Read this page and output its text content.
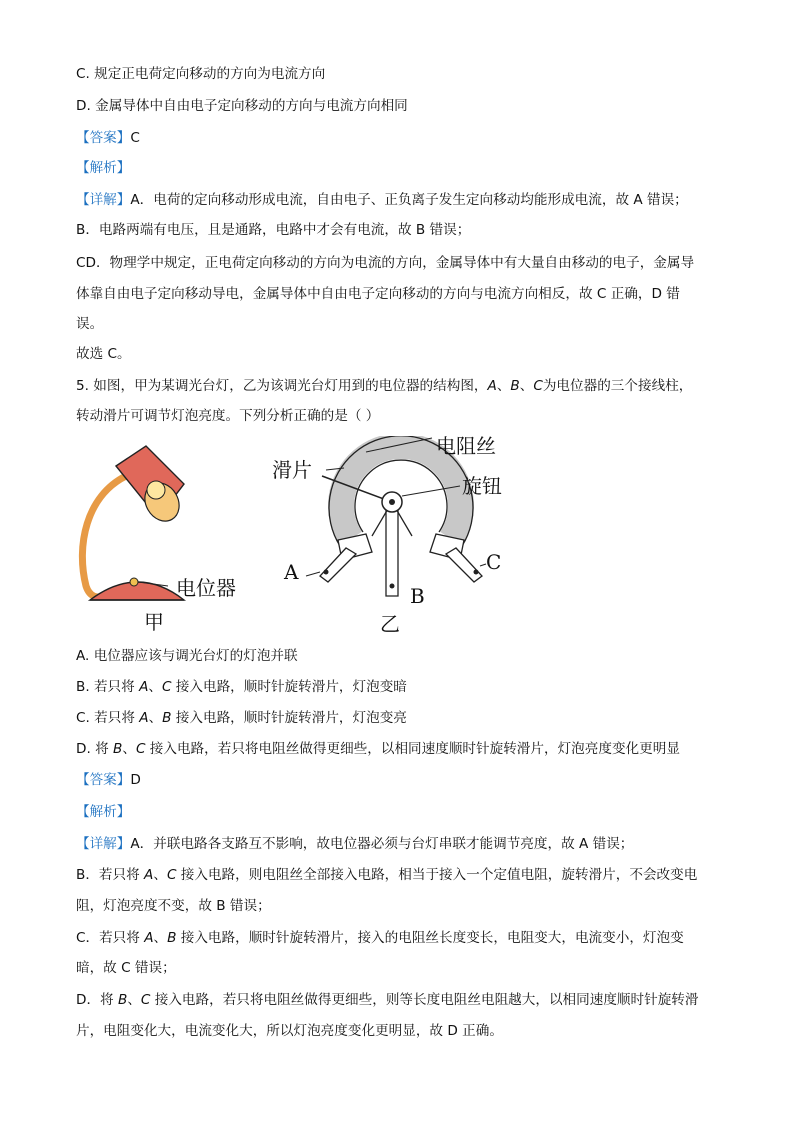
C. 规定正电荷定向移动的方向为电流方向
D. 金属导体中自由电子定向移动的方向与电流方向相同
【答案】C
【解析】
【详解】A．电荷的定向移动形成电流，自由电子、正负离子发生定向移动均能形成电流，故 A 错误；
B．电路两端有电压，且是通路，电路中才会有电流，故 B 错误；
CD．物理学中规定，正电荷定向移动的方向为电流的方向，金属导体中有大量自由移动的电子，金属导
体靠自由电子定向移动导电，金属导体中自由电子定向移动的方向与电流方向相反，故 C 正确，D 错
误。
故选 C。
5. 如图，甲为某调光台灯，乙为该调光台灯用到的电位器的结构图，A、B、C为电位器的三个接线柱，
转动滑片可调节灯泡亮度。下列分析正确的是（ ）
电位器
甲
电阻丝
滑片
旋钮
乙
A
B
C
A. 电位器应该与调光台灯的灯泡并联
B. 若只将 A、C 接入电路，顺时针旋转滑片，灯泡变暗
C. 若只将 A、B 接入电路，顺时针旋转滑片，灯泡变亮
D. 将 B、C 接入电路，若只将电阻丝做得更细些，以相同速度顺时针旋转滑片，灯泡亮度变化更明显
【答案】D
【解析】
【详解】A．并联电路各支路互不影响，故电位器必须与台灯串联才能调节亮度，故 A 错误；
B．若只将 A、C 接入电路，则电阻丝全部接入电路，相当于接入一个定值电阻，旋转滑片，不会改变电
阻，灯泡亮度不变，故 B 错误；
C．若只将 A、B 接入电路，顺时针旋转滑片，接入的电阻丝长度变长，电阻变大，电流变小，灯泡变
暗，故 C 错误；
D．将 B、C 接入电路，若只将电阻丝做得更细些，则等长度电阻丝电阻越大，以相同速度顺时针旋转滑
片，电阻变化大，电流变化大，所以灯泡亮度变化更明显，故 D 正确。
